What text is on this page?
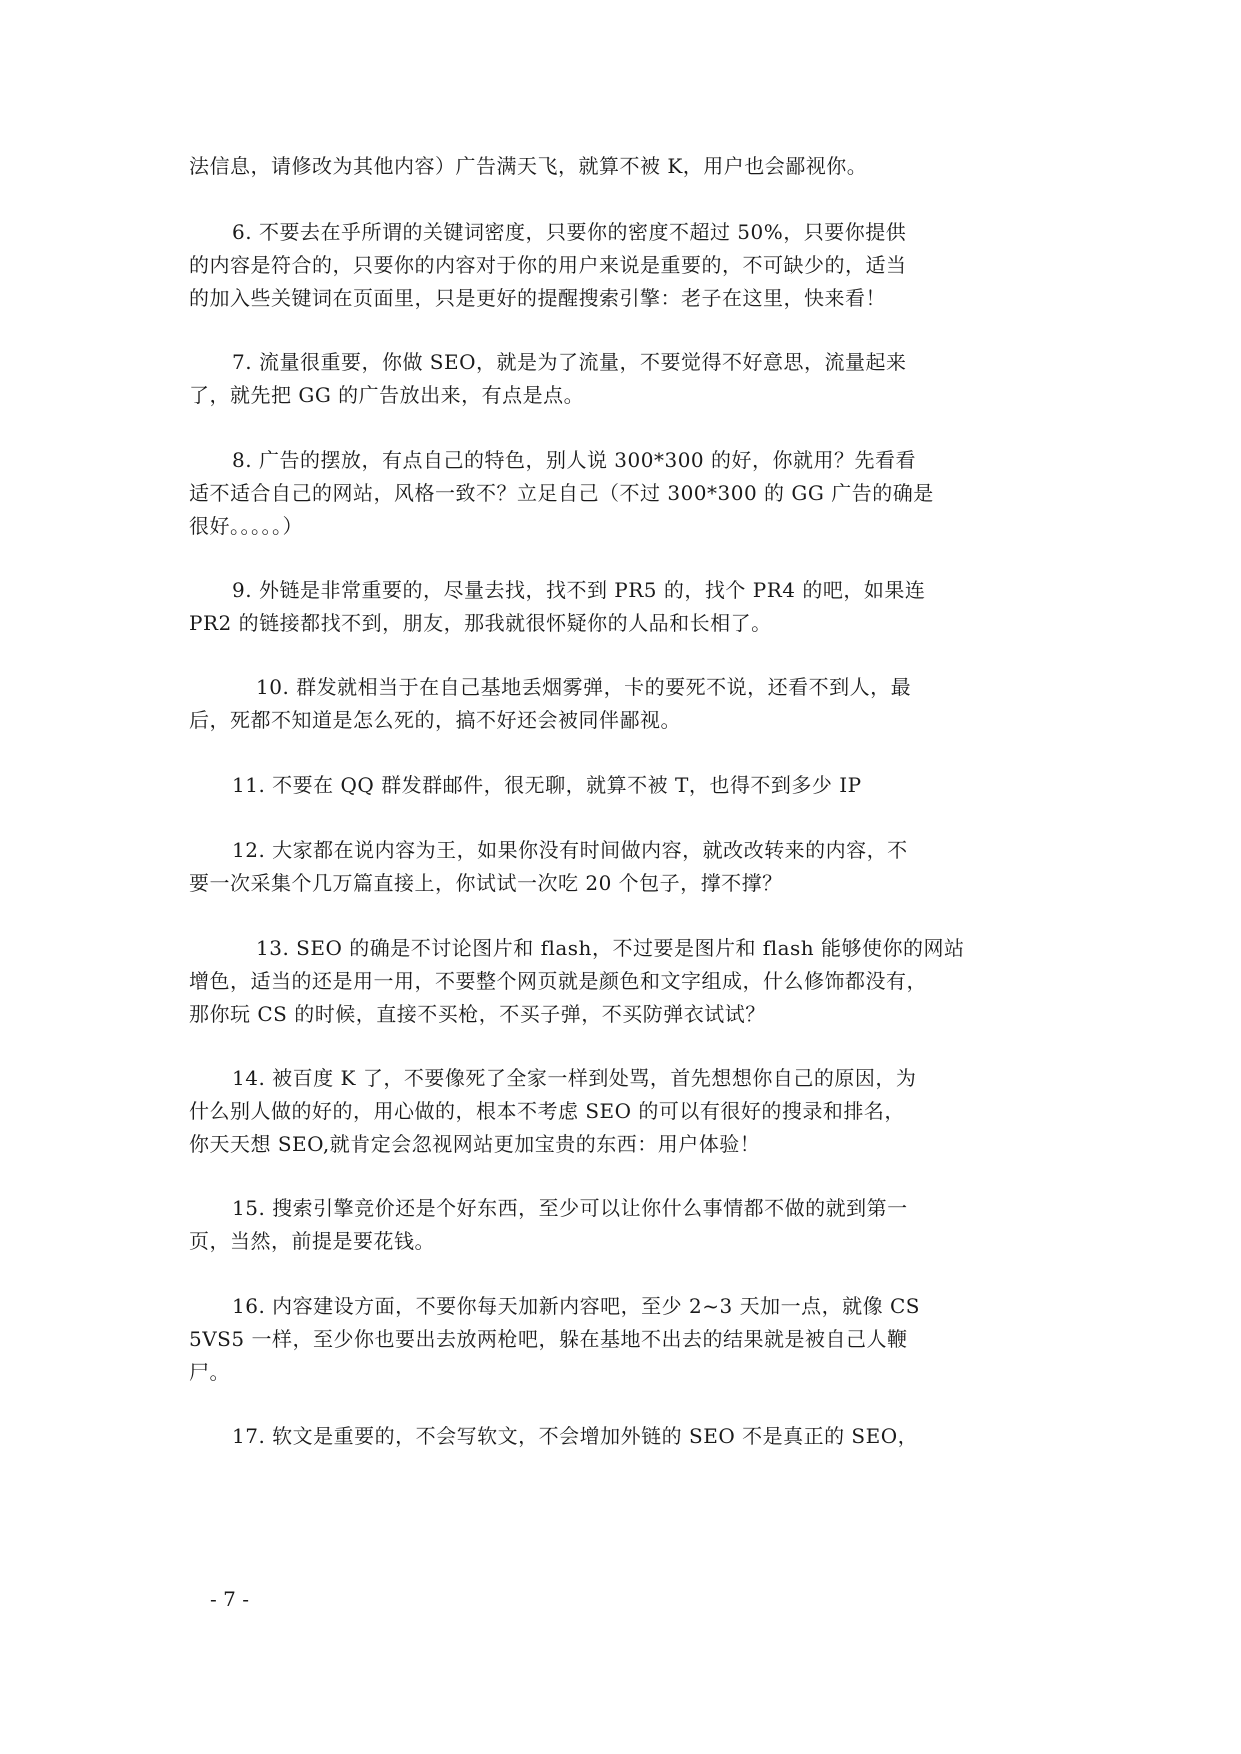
法信息，请修改为其他内容）广告满天飞，就算不被 K，用户也会鄙视你。
6. 不要去在乎所谓的关键词密度，只要你的密度不超过 50%，只要你提供
的内容是符合的，只要你的内容对于你的用户来说是重要的，不可缺少的，适当
的加入些关键词在页面里，只是更好的提醒搜索引擎：老子在这里，快来看！
7. 流量很重要，你做 SEO，就是为了流量，不要觉得不好意思，流量起来
了，就先把 GG 的广告放出来，有点是点。
8. 广告的摆放，有点自己的特色，别人说 300*300 的好，你就用？先看看
适不适合自己的网站，风格一致不？立足自己（不过 300*300 的 GG 广告的确是
很好。。。。。）
9. 外链是非常重要的，尽量去找，找不到 PR5 的，找个 PR4 的吧，如果连
PR2 的链接都找不到，朋友，那我就很怀疑你的人品和长相了。
10. 群发就相当于在自己基地丢烟雾弹，卡的要死不说，还看不到人，最
后，死都不知道是怎么死的，搞不好还会被同伴鄙视。
11. 不要在 QQ 群发群邮件，很无聊，就算不被 T，也得不到多少 IP
12. 大家都在说内容为王，如果你没有时间做内容，就改改转来的内容，不
要一次采集个几万篇直接上，你试试一次吃 20 个包子，撑不撑？
13. SEO 的确是不讨论图片和 flash，不过要是图片和 flash 能够使你的网站
增色，适当的还是用一用，不要整个网页就是颜色和文字组成，什么修饰都没有，
那你玩 CS 的时候，直接不买枪，不买子弹，不买防弹衣试试？
14. 被百度 K 了，不要像死了全家一样到处骂，首先想想你自己的原因，为
什么别人做的好的，用心做的，根本不考虑 SEO 的可以有很好的搜录和排名，
你天天想 SEO,就肯定会忽视网站更加宝贵的东西：用户体验！
15. 搜索引擎竞价还是个好东西，至少可以让你什么事情都不做的就到第一
页，当然，前提是要花钱。
16. 内容建设方面，不要你每天加新内容吧，至少 2~3 天加一点，就像 CS
5VS5 一样，至少你也要出去放两枪吧，躲在基地不出去的结果就是被自己人鞭
尸。
17. 软文是重要的，不会写软文，不会增加外链的 SEO 不是真正的 SEO，
- 7 -
